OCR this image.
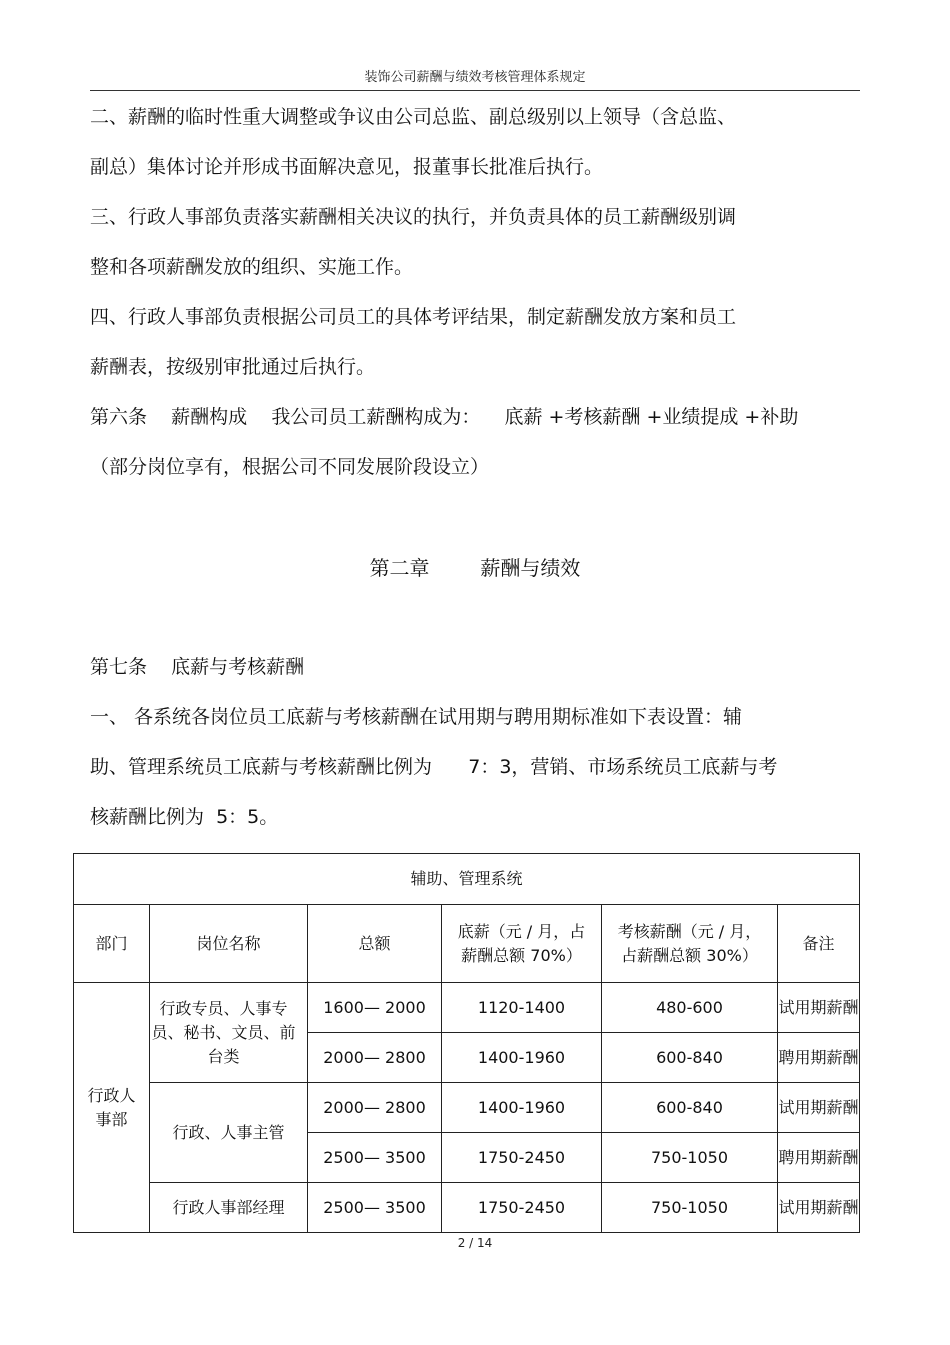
装饰公司薪酬与绩效考核管理体系规定
二、薪酬的临时性重大调整或争议由公司总监、副总级别以上领导（含总监、
副总）集体讨论并形成书面解决意见，报董事长批准后执行。
三、行政人事部负责落实薪酬相关决议的执行，并负责具体的员工薪酬级别调
整和各项薪酬发放的组织、实施工作。
四、行政人事部负责根据公司员工的具体考评结果，制定薪酬发放方案和员工
薪酬表，按级别审批通过后执行。
第六条    薪酬构成    我公司员工薪酬构成为：    底薪 +考核薪酬 +业绩提成 +补助
（部分岗位享有，根据公司不同发展阶段设立）
第二章        薪酬与绩效
第七条    底薪与考核薪酬
一、 各系统各岗位员工底薪与考核薪酬在试用期与聘用期标准如下表设置：辅
助、管理系统员工底薪与考核薪酬比例为      7：3，营销、市场系统员工底薪与考
核薪酬比例为  5：5。
辅助、管理系统					
部门	岗位名称	总额	底薪（元 / 月，占薪酬总额 70%）	考核薪酬（元 / 月，占薪酬总额 30%）	备注
行政人事部	行政专员、人事专员、秘书、文员、前台类	1600— 2000	1120-1400	480-600	试用期薪酬
		2000— 2800	1400-1960	600-840	聘用期薪酬
	行政、人事主管	2000— 2800	1400-1960	600-840	试用期薪酬
		2500— 3500	1750-2450	750-1050	聘用期薪酬
	行政人事部经理	2500— 3500	1750-2450	750-1050	试用期薪酬
2 / 14
